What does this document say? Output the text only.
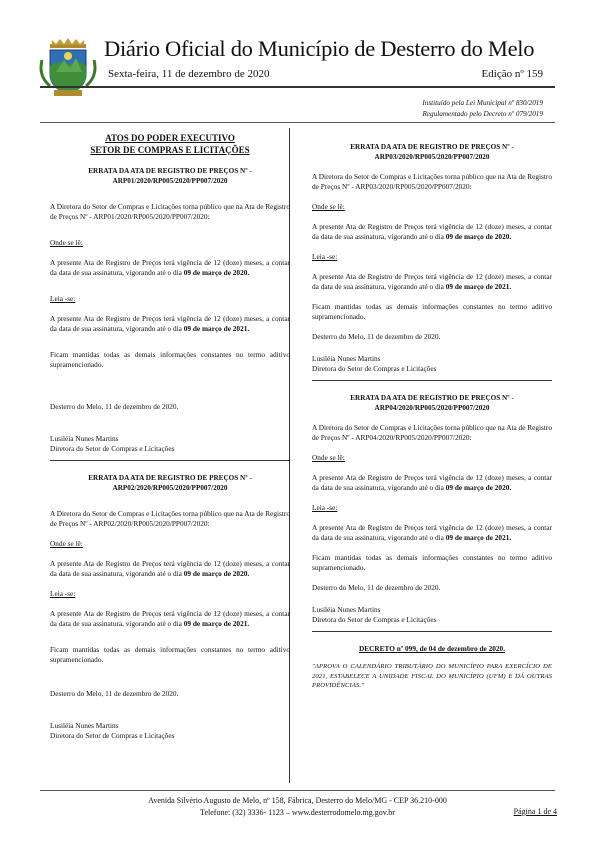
Diário Oficial do Município de Desterro do Melo
Sexta-feira, 11 de dezembro de 2020	Edição nº 159
Instituído pela Lei Municipal nº 830/2019
Regulamentado pelo Decreto nº 079/2019
ATOS DO PODER EXECUTIVO
SETOR DE COMPRAS E LICITAÇÕES
ERRATA DA ATA DE REGISTRO DE PREÇOS Nº - ARP01/2020/RP005/2020/PP007/2020

A Diretora do Setor de Compras e Licitações torna público que na Ata de Registro de Preços Nº - ARP01/2020/RP005/2020/PP007/2020:

Onde se lê:

A presente Ata de Registro de Preços terá vigência de 12 (doze) meses, a contar da data de sua assinatura, vigorando até o dia 09 de março de 2020.

Leia -se:

A presente Ata de Registro de Preços terá vigência de 12 (doze) meses, a contar da data de sua assinatura, vigorando até o dia 09 de março de 2021.

Ficam mantidas todas as demais informações constantes no termo aditivo supramencionado.

Desterro do Melo, 11 de dezembro de 2020.

Lusiléia Nunes Martins

Diretora do Setor de Compras e Licitações

ERRATA DA ATA DE REGISTRO DE PREÇOS Nº - ARP02/2020/RP005/2020/PP007/2020

A Diretora do Setor de Compras e Licitações torna público que na Ata de Registro de Preços Nº - ARP02/2020/RP005/2020/PP007/2020:

Onde se lê:

A presente Ata de Registro de Preços terá vigência de 12 (doze) meses, a contar da data de sua assinatura, vigorando até o dia 09 de março de 2020.

Leia -se:

A presente Ata de Registro de Preços terá vigência de 12 (doze) meses, a contar da data de sua assinatura, vigorando até o dia 09 de março de 2021.

Ficam mantidas todas as demais informações constantes no termo aditivo supramencionado.

Desterro do Melo, 11 de dezembro de 2020.

Lusiléia Nunes Martins

Diretora do Setor de Compras e Licitações

ERRATA DA ATA DE REGISTRO DE PREÇOS Nº - ARP03/2020/RP005/2020/PP007/2020

A Diretora do Setor de Compras e Licitações torna público que na Ata de Registro de Preços Nº - ARP03/2020/RP005/2020/PP007/2020:

Onde se lê:

A presente Ata de Registro de Preços terá vigência de 12 (doze) meses, a contar da data de sua assinatura, vigorando até o dia 09 de março de 2020.

Leia -se:

A presente Ata de Registro de Preços terá vigência de 12 (doze) meses, a contar da data de sua assinatura, vigorando até o dia 09 de março de 2021.

Ficam mantidas todas as demais informações constantes no termo aditivo supramencionado.

Desterro do Melo, 11 de dezembro de 2020.

Lusiléia Nunes Martins

Diretora do Setor de Compras e Licitações

ERRATA DA ATA DE REGISTRO DE PREÇOS Nº - ARP04/2020/RP005/2020/PP007/2020

A Diretora do Setor de Compras e Licitações torna público que na Ata de Registro de Preços Nº - ARP04/2020/RP005/2020/PP007/2020:

Onde se lê:

A presente Ata de Registro de Preços terá vigência de 12 (doze) meses, a contar da data de sua assinatura, vigorando até o dia 09 de março de 2020.

Leia -se:

A presente Ata de Registro de Preços terá vigência de 12 (doze) meses, a contar da data de sua assinatura, vigorando até o dia 09 de março de 2021.

Ficam mantidas todas as demais informações constantes no termo aditivo supramencionado.

Desterro do Melo, 11 de dezembro de 2020.

Lusiléia Nunes Martins

Diretora do Setor de Compras e Licitações

DECRETO nº 099, de 04 de dezembro de 2020.

"APROVA O CALENDÁRIO TRIBUTÁRIO DO MUNICÍPIO PARA EXERCÍCIO DE 2021, ESTABELECE A UNIDADE FISCAL DO MUNICÍPIO (UFM) E DÁ OUTRAS PROVIDÊNCIAS."

Avenida Silvério Augusto de Melo, nº 158, Fábrica, Desterro do Melo/MG - CEP 36.210-000
Telefone: (32) 3336- 1123 – www.desterrodomelo.mg.gov.br	Página 1 de 4
